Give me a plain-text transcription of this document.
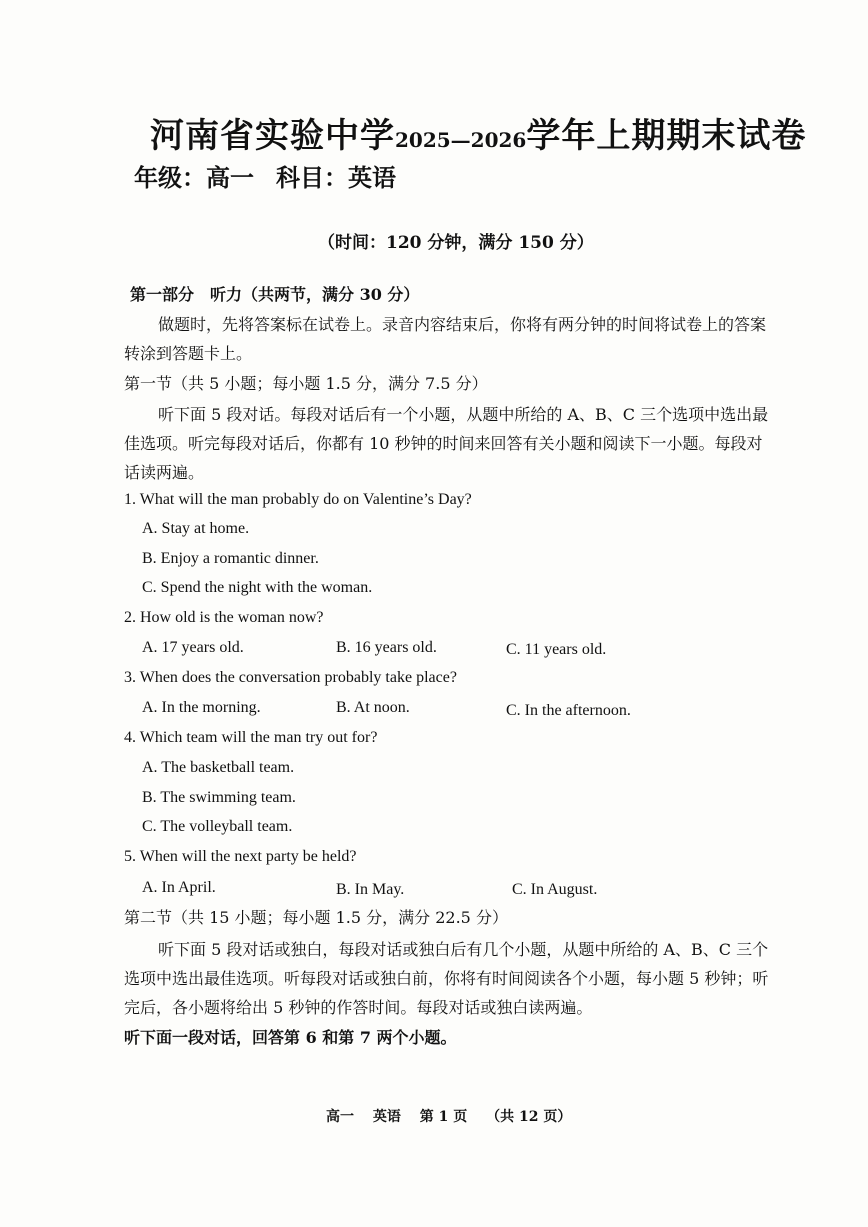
河南省实验中学2025—2026学年上期期末试卷
年级：高一 科目：英语
（时间：120 分钟，满分 150 分）
第一部分　听力（共两节，满分 30 分）
做题时，先将答案标在试卷上。录音内容结束后，你将有两分钟的时间将试卷上的答案转涂到答题卡上。
第一节（共 5 小题；每小题 1.5 分，满分 7.5 分）
听下面 5 段对话。每段对话后有一个小题，从题中所给的 A、B、C 三个选项中选出最佳选项。听完每段对话后，你都有 10 秒钟的时间来回答有关小题和阅读下一小题。每段对话读两遍。
1. What will the man probably do on Valentine’s Day?
A. Stay at home.
B. Enjoy a romantic dinner.
C. Spend the night with the woman.
2. How old is the woman now?
A. 17 years old.	B. 16 years old.	C. 11 years old.
3. When does the conversation probably take place?
A. In the morning.	B. At noon.	C. In the afternoon.
4. Which team will the man try out for?
A. The basketball team.
B. The swimming team.
C. The volleyball team.
5. When will the next party be held?
A. In April.	B. In May.	C. In August.
第二节（共 15 小题；每小题 1.5 分，满分 22.5 分）
听下面 5 段对话或独白，每段对话或独白后有几个小题，从题中所给的 A、B、C 三个选项中选出最佳选项。听每段对话或独白前，你将有时间阅读各个小题，每小题 5 秒钟；听完后，各小题将给出 5 秒钟的作答时间。每段对话或独白读两遍。
听下面一段对话，回答第 6 和第 7 两个小题。
高一 英语 第 1 页 （共 12 页）
